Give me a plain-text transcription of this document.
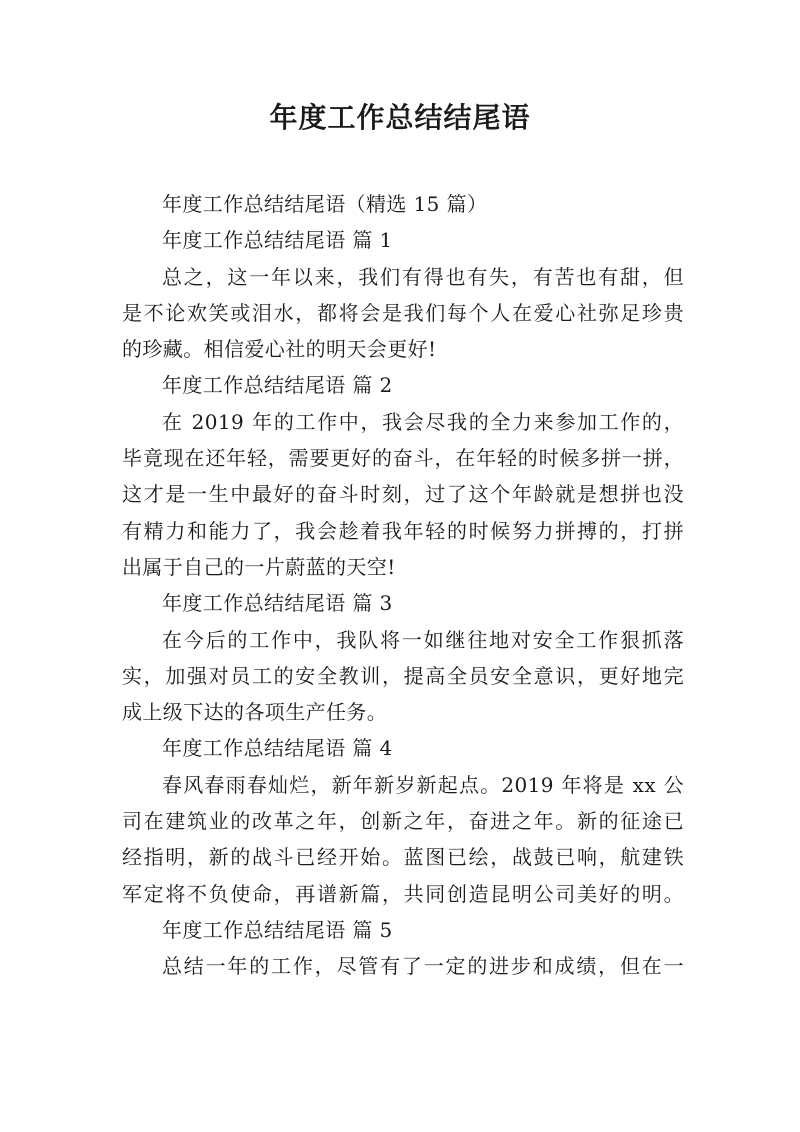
年度工作总结结尾语
年度工作总结结尾语（精选 15 篇）
年度工作总结结尾语 篇 1
总之，这一年以来，我们有得也有失，有苦也有甜，但
是不论欢笑或泪水，都将会是我们每个人在爱心社弥足珍贵
的珍藏。相信爱心社的明天会更好!
年度工作总结结尾语 篇 2
在 2019 年的工作中，我会尽我的全力来参加工作的，
毕竟现在还年轻，需要更好的奋斗，在年轻的时候多拼一拼，
这才是一生中最好的奋斗时刻，过了这个年龄就是想拼也没
有精力和能力了，我会趁着我年轻的时候努力拼搏的，打拼
出属于自己的一片蔚蓝的天空!
年度工作总结结尾语 篇 3
在今后的工作中，我队将一如继往地对安全工作狠抓落
实，加强对员工的安全教训，提高全员安全意识，更好地完
成上级下达的各项生产任务。
年度工作总结结尾语 篇 4
春风春雨春灿烂，新年新岁新起点。2019 年将是 xx 公
司在建筑业的改革之年，创新之年，奋进之年。新的征途已
经指明，新的战斗已经开始。蓝图已绘，战鼓已响，航建铁
军定将不负使命，再谱新篇，共同创造昆明公司美好的明。
年度工作总结结尾语 篇 5
总结一年的工作，尽管有了一定的进步和成绩，但在一
